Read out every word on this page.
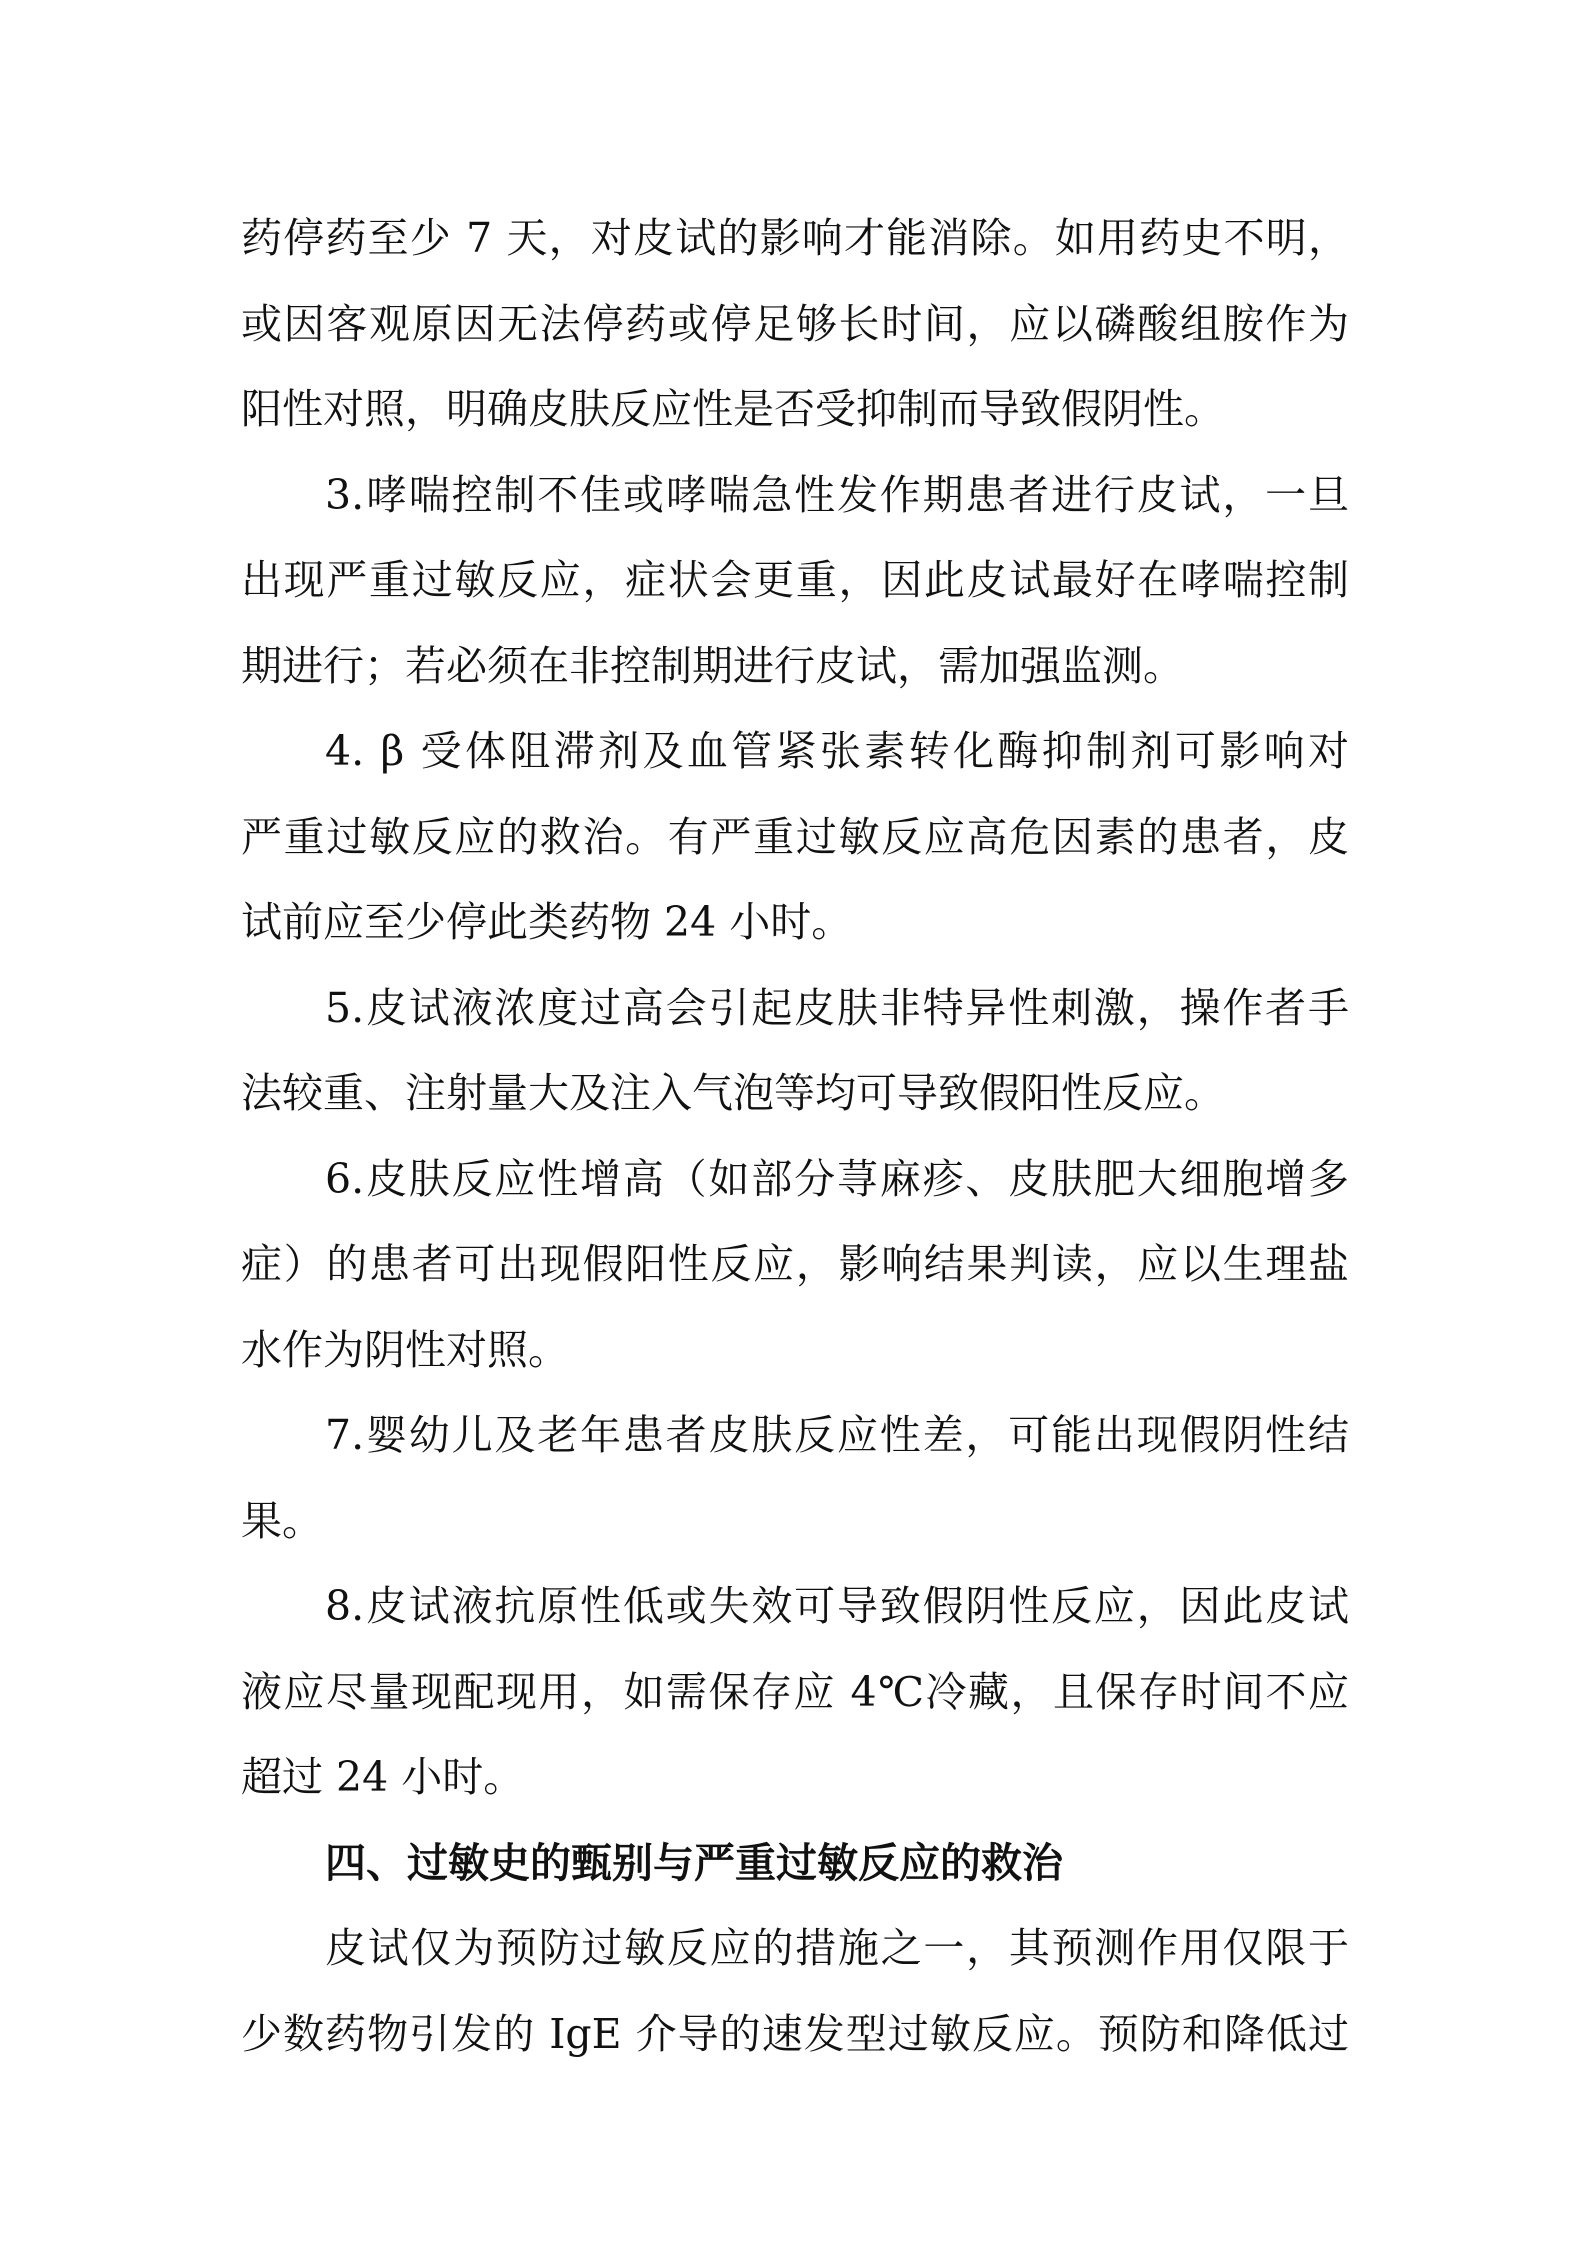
药停药至少 7 天，对皮试的影响才能消除。如用药史不明，
或因客观原因无法停药或停足够长时间，应以磷酸组胺作为
阳性对照，明确皮肤反应性是否受抑制而导致假阴性。
3.哮喘控制不佳或哮喘急性发作期患者进行皮试，一旦
出现严重过敏反应，症状会更重，因此皮试最好在哮喘控制
期进行；若必须在非控制期进行皮试，需加强监测。
4. β 受体阻滞剂及血管紧张素转化酶抑制剂可影响对
严重过敏反应的救治。有严重过敏反应高危因素的患者，皮
试前应至少停此类药物 24 小时。
5.皮试液浓度过高会引起皮肤非特异性刺激，操作者手
法较重、注射量大及注入气泡等均可导致假阳性反应。
6.皮肤反应性增高（如部分荨麻疹、皮肤肥大细胞增多
症）的患者可出现假阳性反应，影响结果判读，应以生理盐
水作为阴性对照。
7.婴幼儿及老年患者皮肤反应性差，可能出现假阴性结
果。
8.皮试液抗原性低或失效可导致假阴性反应，因此皮试
液应尽量现配现用，如需保存应 4℃冷藏，且保存时间不应
超过 24 小时。
四、过敏史的甄别与严重过敏反应的救治
皮试仅为预防过敏反应的措施之一，其预测作用仅限于
少数药物引发的 IgE 介导的速发型过敏反应。预防和降低过
